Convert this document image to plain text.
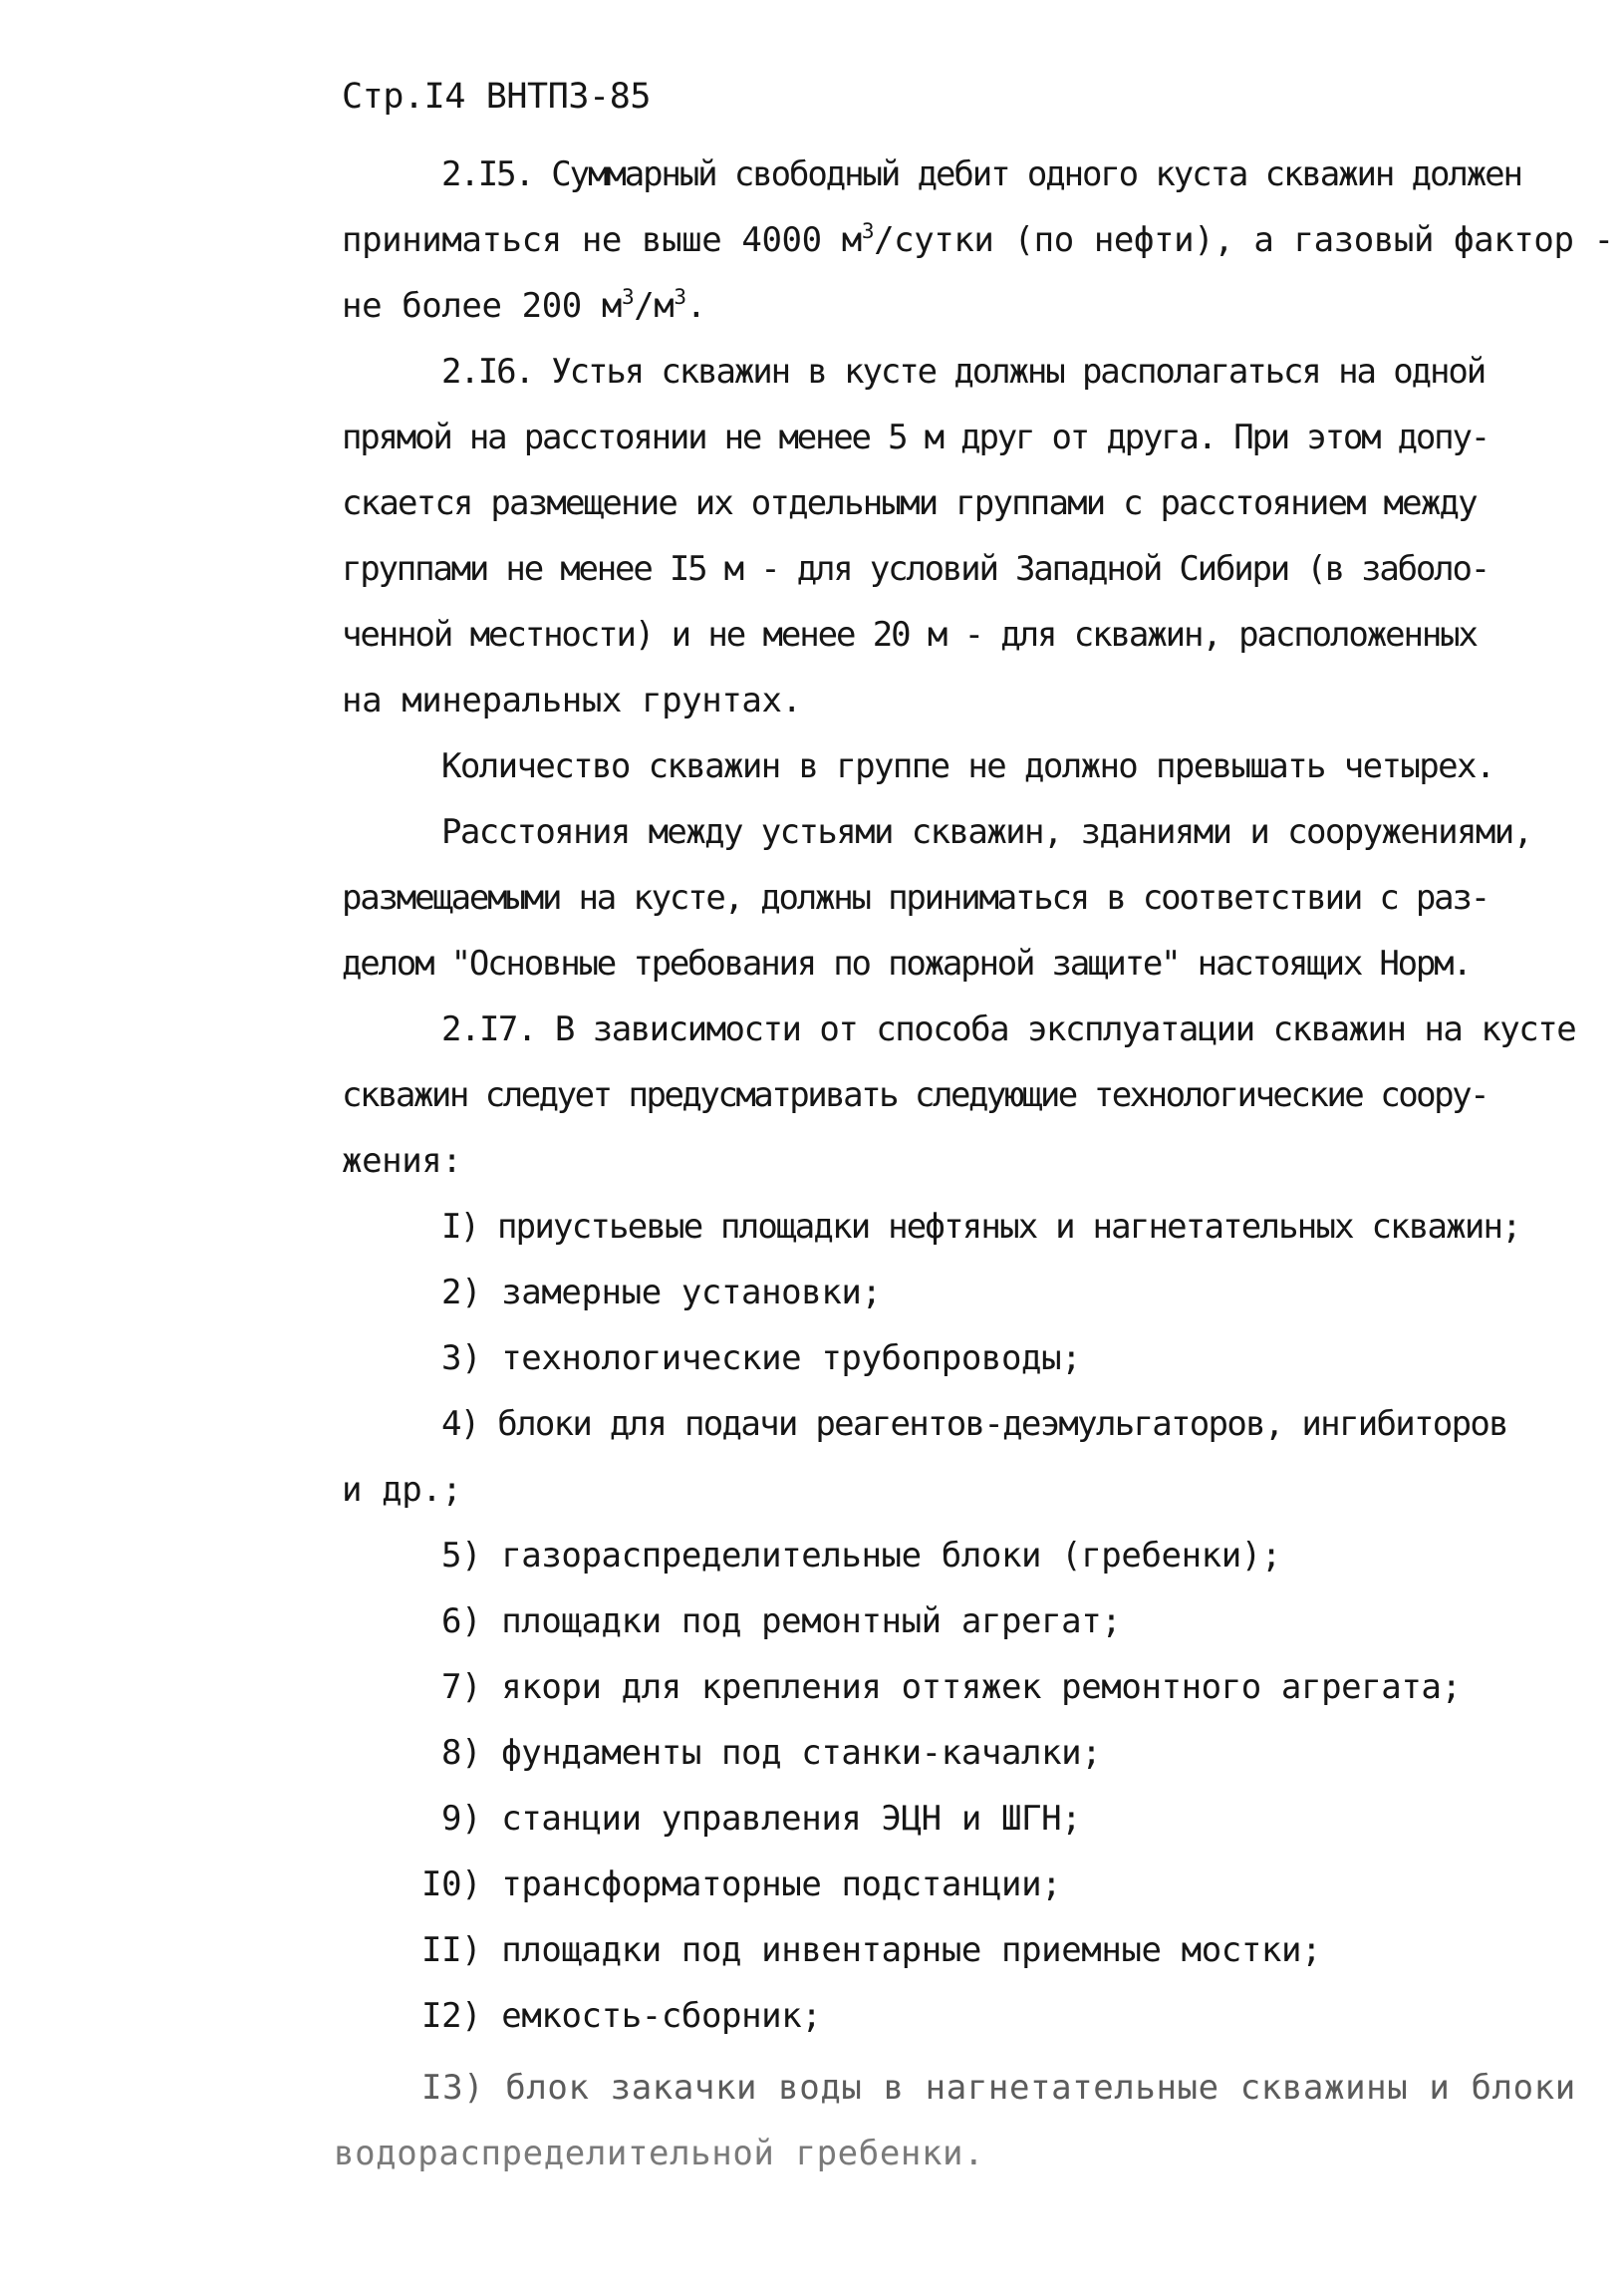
Стр.I4 ВНТПЗ-85
2.I5. Суммарный свободный дебит одного куста скважин должен
приниматься не выше 4000 $м^3$/сутки (по нефти), а газовый фактор -
не более 200 $м^3/м^3$.
2.I6. Устья скважин в кусте должны располагаться на одной
прямой на расстоянии не менее 5 м друг от друга. При этом допу-
скается размещение их отдельными группами с расстоянием между
группами не менее I5 м - для условий Западной Сибири (в заболо-
ченной местности) и не менее 20 м - для скважин, расположенных
на минеральных грунтах.
Количество скважин в группе не должно превышать четырех.
Расстояния между устьями скважин, зданиями и сооружениями,
размещаемыми на кусте, должны приниматься в соответствии с раз-
делом "Основные требования по пожарной защите" настоящих Норм.
2.I7. В зависимости от способа эксплуатации скважин на кусте
скважин следует предусматривать следующие технологические соору-
жения:
I) приустьевые площадки нефтяных и нагнетательных скважин;
2) замерные установки;
3) технологические трубопроводы;
4) блоки для подачи реагентов-деэмульгаторов, ингибиторов
и др.;
5) газораспределительные блоки (гребенки);
6) площадки под ремонтный агрегат;
7) якори для крепления оттяжек ремонтного агрегата;
8) фундаменты под станки-качалки;
9) станции управления ЭЦН и ШГН;
I0) трансформаторные подстанции;
II) площадки под инвентарные приемные мостки;
I2) емкость-сборник;
I3) блок закачки воды в нагнетательные скважины и блоки
водораспределительной гребенки.
